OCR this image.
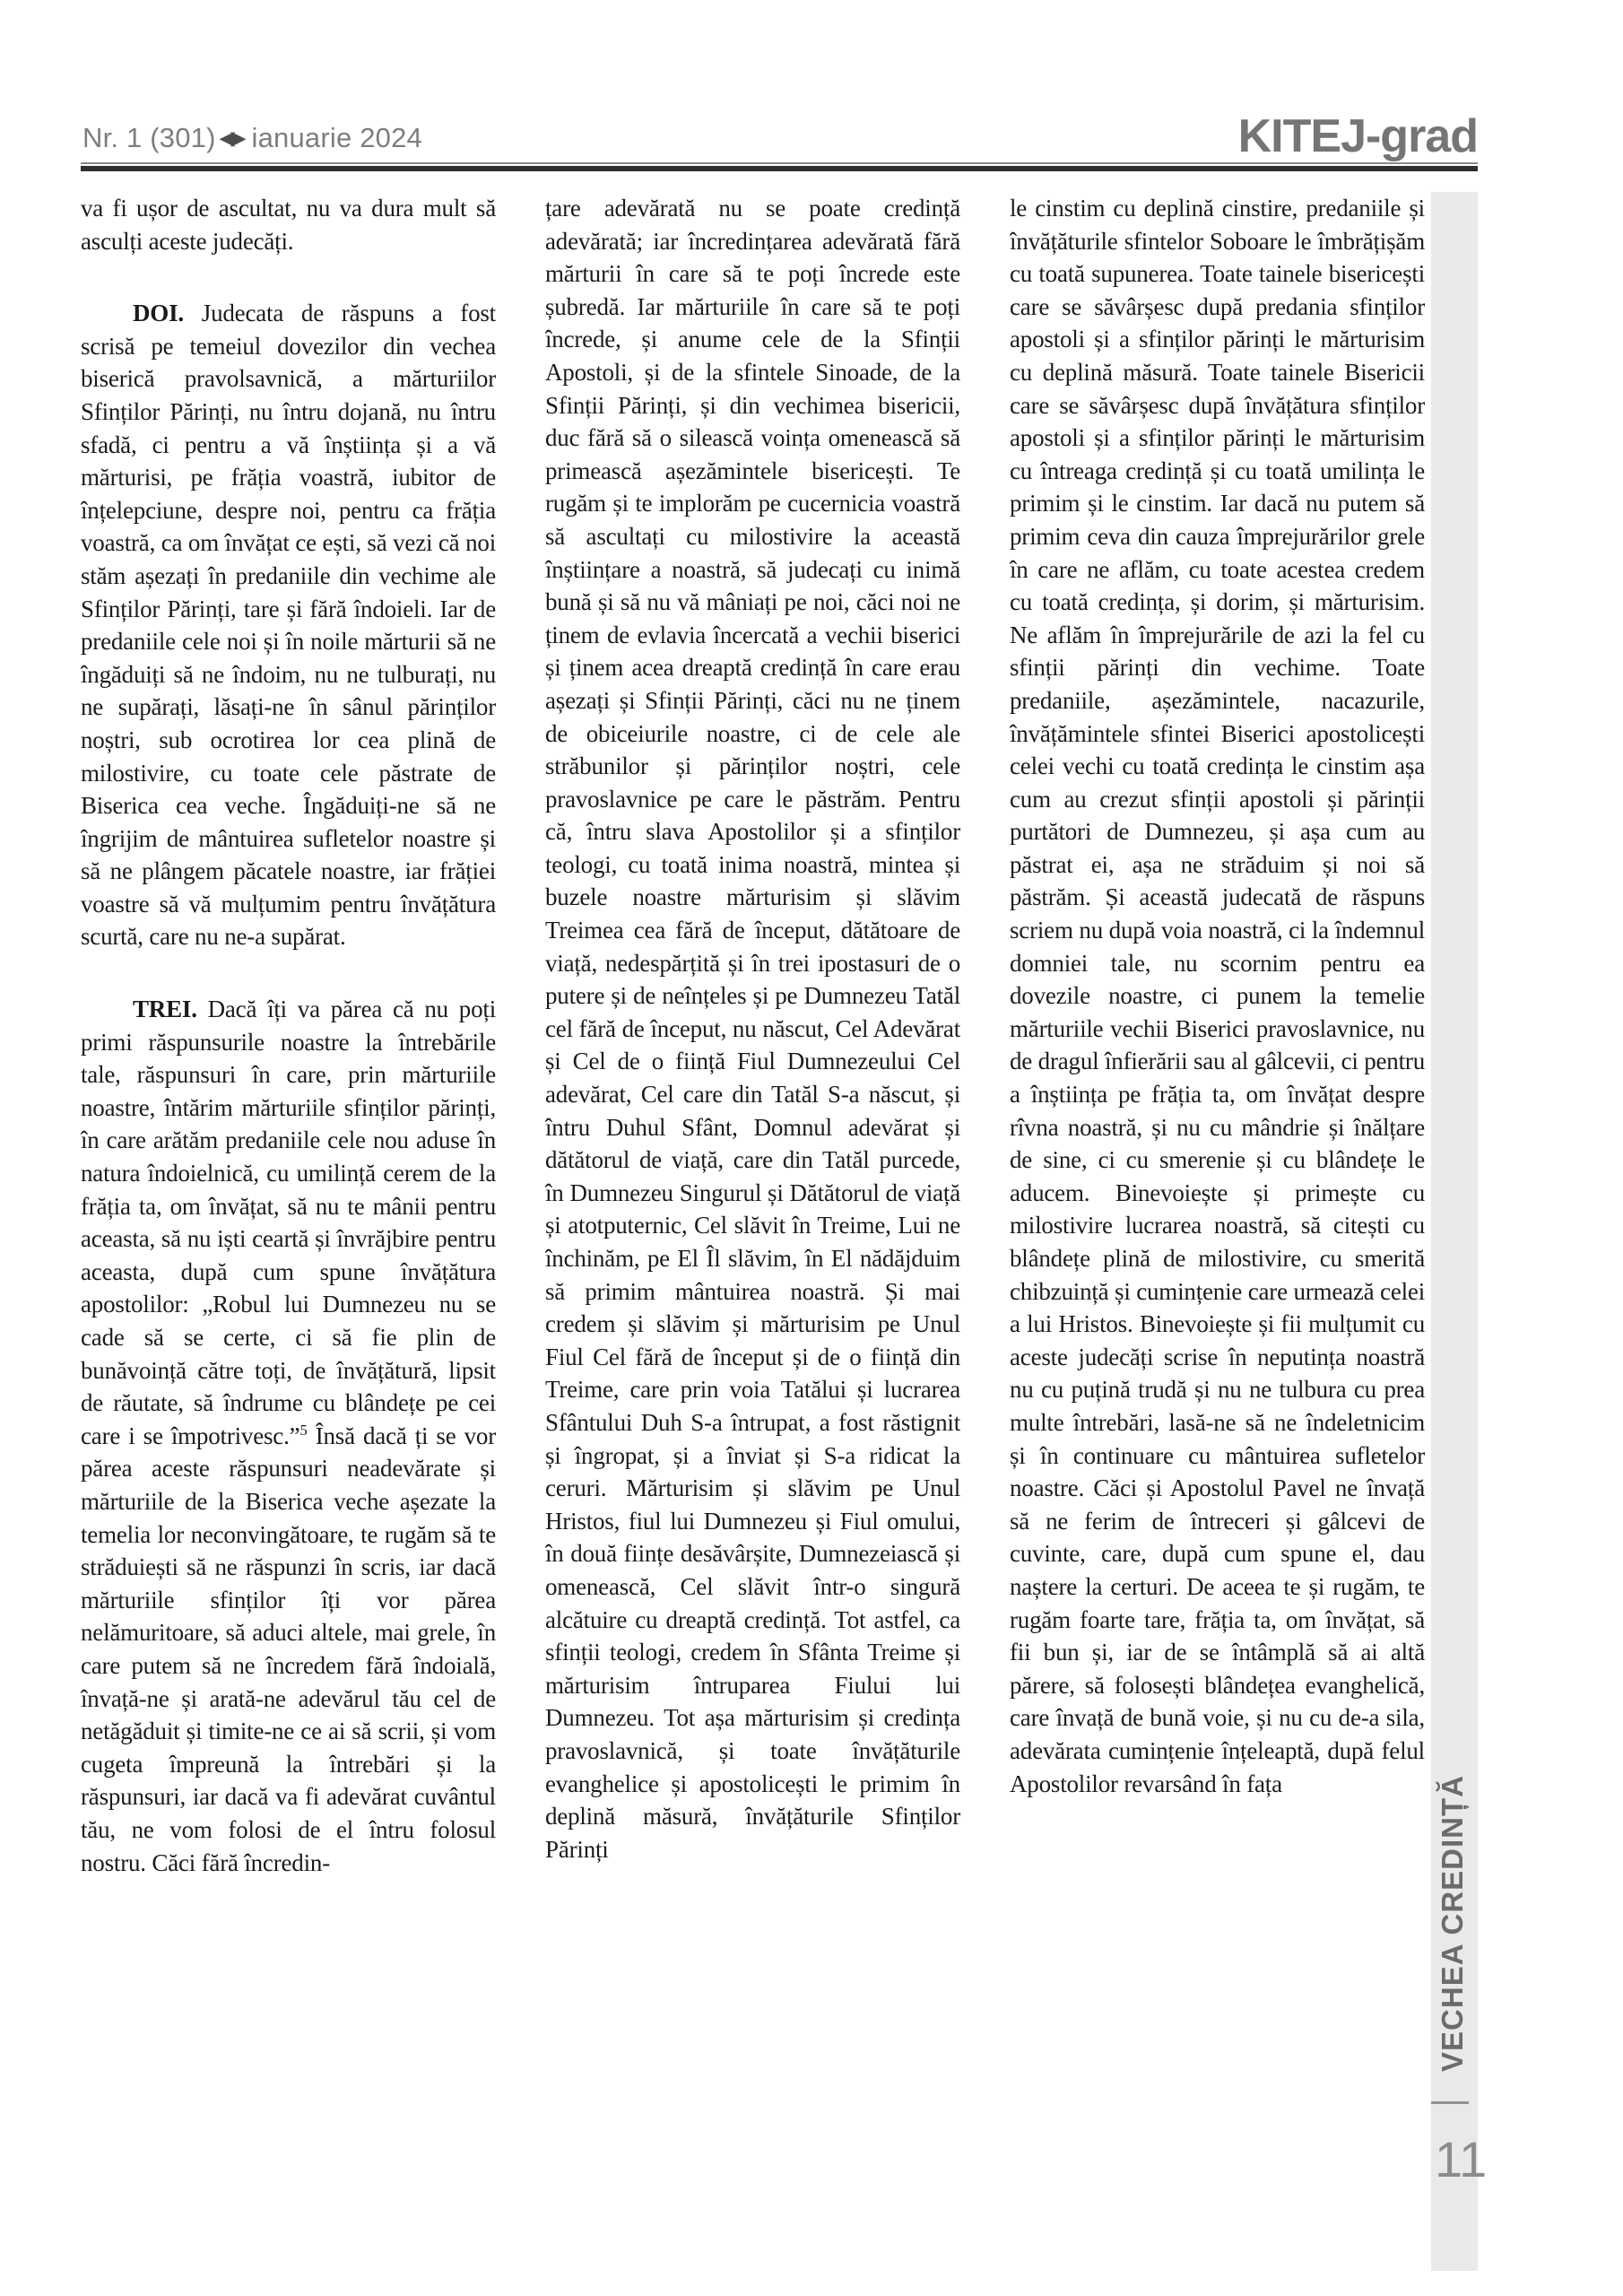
Nr. 1 (301) ◀▶ ianuarie 2024	KITEJ-grad

va fi ușor de ascultat, nu va dura mult să asculți aceste judecăți.

DOI. Judecata de răspuns a fost scrisă pe temeiul dovezilor din vechea biserică pravolsavnică, a mărturiilor Sfinților Părinți, nu întru dojană, nu întru sfadă, ci pentru a vă înștiința și a vă mărturisi, pe frăția voastră, iubitor de înțelepciune, despre noi, pentru ca frăția voastră, ca om învățat ce ești, să vezi că noi stăm așezați în predaniile din vechime ale Sfinților Părinți, tare și fără îndoieli. Iar de predaniile cele noi și în noile mărturii să ne îngăduiți să ne îndoim, nu ne tulburați, nu ne supărați, lăsați-ne în sânul părinților noștri, sub ocrotirea lor cea plină de milostivire, cu toate cele păstrate de Biserica cea veche. Îngăduiți-ne să ne îngrijim de mântuirea sufletelor noastre și să ne plângem păcatele noastre, iar frăției voastre să vă mulțumim pentru învățătura scurtă, care nu ne-a supărat.

TREI. Dacă îți va părea că nu poți primi răspunsurile noastre la întrebările tale, răspunsuri în care, prin mărturiile noastre, întărim mărturiile sfinților părinți, în care arătăm predaniile cele nou aduse în natura îndoielnică, cu umilință cerem de la frăția ta, om învățat, să nu te mânii pentru aceasta, să nu iști ceartă și învrăjbire pentru aceasta, după cum spune învățătura apostolilor: „Robul lui Dumnezeu nu se cade să se certe, ci să fie plin de bunăvoință către toți, de învățătură, lipsit de răutate, să îndrume cu blândețe pe cei care i se împotrivesc.”$^5$ Însă dacă ți se vor părea aceste răspunsuri neadevărate și mărturiile de la Biserica veche așezate la temelia lor neconvingătoare, te rugăm să te străduiești să ne răspunzi în scris, iar dacă mărturiile sfinților îți vor părea nelămuritoare, să aduci altele, mai grele, în care putem să ne încredem fără îndoială, învață-ne și arată-ne adevărul tău cel de netăgăduit și timite-ne ce ai să scrii, și vom cugeta împreună la întrebări și la răspunsuri, iar dacă va fi adevărat cuvântul tău, ne vom folosi de el întru folosul nostru. Căci fără încredin-

țare adevărată nu se poate credință adevărată; iar încredințarea adevărată fără mărturii în care să te poți încrede este șubredă. Iar mărturiile în care să te poți încrede, și anume cele de la Sfinții Apostoli, și de la sfintele Sinoade, de la Sfinții Părinți, și din vechimea bisericii, duc fără să o silească voința omenească să primească așezămintele bisericești. Te rugăm și te implorăm pe cucernicia voastră să ascultați cu milostivire la această înștiințare a noastră, să judecați cu inimă bună și să nu vă mâniați pe noi, căci noi ne ținem de evlavia încercată a vechii biserici și ținem acea dreaptă credință în care erau așezați și Sfinții Părinți, căci nu ne ținem de obiceiurile noastre, ci de cele ale străbunilor și părinților noștri, cele pravoslavnice pe care le păstrăm. Pentru că, întru slava Apostolilor și a sfinților teologi, cu toată inima noastră, mintea și buzele noastre mărturisim și slăvim Treimea cea fără de început, dătătoare de viață, nedespărțită și în trei ipostasuri de o putere și de neînțeles și pe Dumnezeu Tatăl cel fără de început, nu născut, Cel Adevărat și Cel de o ființă Fiul Dumnezeului Cel adevărat, Cel care din Tatăl S-a născut, și întru Duhul Sfânt, Domnul adevărat și dătătorul de viață, care din Tatăl purcede, în Dumnezeu Singurul și Dătătorul de viață și atotputernic, Cel slăvit în Treime, Lui ne închinăm, pe El Îl slăvim, în El nădăjduim să primim mântuirea noastră. Și mai credem și slăvim și mărturisim pe Unul Fiul Cel fără de început și de o ființă din Treime, care prin voia Tatălui și lucrarea Sfântului Duh S-a întrupat, a fost răstignit și îngropat, și a înviat și S-a ridicat la ceruri. Mărturisim și slăvim pe Unul Hristos, fiul lui Dumnezeu și Fiul omului, în două ființe desăvârșite, Dumnezeiască și omenească, Cel slăvit într-o singură alcătuire cu dreaptă credință. Tot astfel, ca sfinții teologi, credem în Sfânta Treime și mărturisim întruparea Fiului lui Dumnezeu. Tot așa mărturisim și credința pravoslavnică, și toate învățăturile evanghelice și apostolicești le primim în deplină măsură, învățăturile Sfinților Părinți

le cinstim cu deplină cinstire, predaniile și învățăturile sfintelor Soboare le îmbrățișăm cu toată supunerea. Toate tainele bisericești care se săvârșesc după predania sfinților apostoli și a sfinților părinți le mărturisim cu deplină măsură. Toate tainele Bisericii care se săvârșesc după învățătura sfinților apostoli și a sfinților părinți le mărturisim cu întreaga credință și cu toată umilința le primim și le cinstim. Iar dacă nu putem să primim ceva din cauza împrejurărilor grele în care ne aflăm, cu toate acestea credem cu toată credința, și dorim, și mărturisim. Ne aflăm în împrejurările de azi la fel cu sfinții părinți din vechime. Toate predaniile, așezămintele, nacazurile, învățămintele sfintei Biserici apostolicești celei vechi cu toată credința le cinstim așa cum au crezut sfinții apostoli și părinții purtători de Dumnezeu, și așa cum au păstrat ei, așa ne străduim și noi să păstrăm. Și această judecată de răspuns scriem nu după voia noastră, ci la îndemnul domniei tale, nu scornim pentru ea dovezile noastre, ci punem la temelie mărturiile vechii Biserici pravoslavnice, nu de dragul înfierării sau al gâlcevii, ci pentru a înștiința pe frăția ta, om învățat despre rîvna noastră, și nu cu mândrie și înălțare de sine, ci cu smerenie și cu blândețe le aducem. Binevoiește și primește cu milostivire lucrarea noastră, să citești cu blândețe plină de milostivire, cu smerită chibzuință și cumințenie care urmează celei a lui Hristos. Binevoiește și fii mulțumit cu aceste judecăți scrise în neputința noastră nu cu puțină trudă și nu ne tulbura cu prea multe întrebări, lasă-ne să ne îndeletnicim și în continuare cu mântuirea sufletelor noastre. Căci și Apostolul Pavel ne învață să ne ferim de întreceri și gâlcevi de cuvinte, care, după cum spune el, dau naștere la certuri. De aceea te și rugăm, te rugăm foarte tare, frăția ta, om învățat, să fii bun și, iar de se întâmplă să ai altă părere, să folosești blândețea evanghelică, care învață de bună voie, și nu cu de-a sila, adevărata cumințenie înțeleaptă, după felul Apostolilor revarsând în fața	VECHEA CREDINȚĂ
11
